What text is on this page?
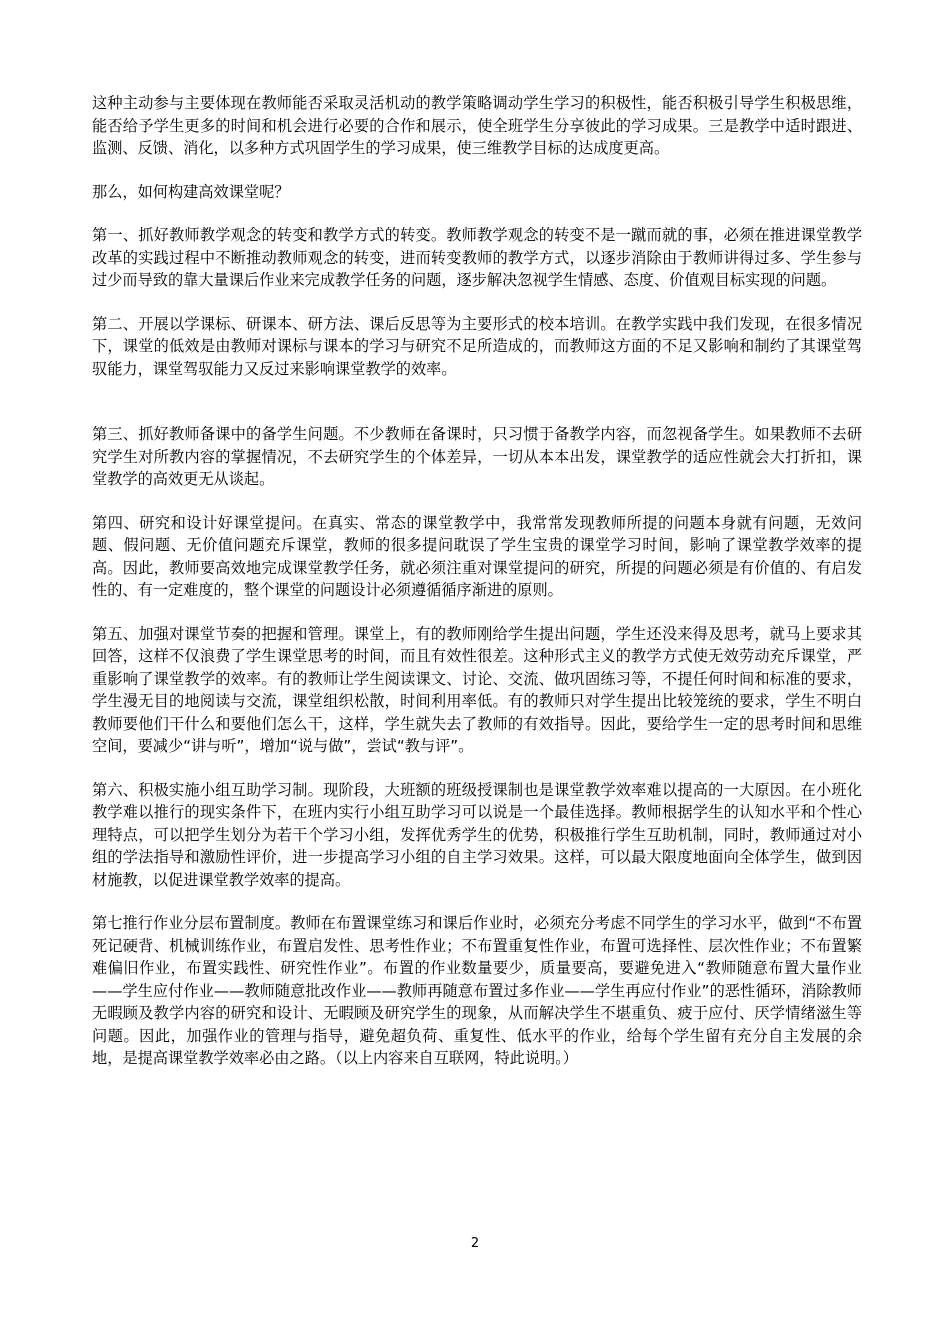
这种主动参与主要体现在教师能否采取灵活机动的教学策略调动学生学习的积极性，能否积极引导学生积极思维，能否给予学生更多的时间和机会进行必要的合作和展示，使全班学生分享彼此的学习成果。三是教学中适时跟进、监测、反馈、消化，以多种方式巩固学生的学习成果，使三维教学目标的达成度更高。

那么，如何构建高效课堂呢？

第一、抓好教师教学观念的转变和教学方式的转变。教师教学观念的转变不是一蹴而就的事，必须在推进课堂教学改革的实践过程中不断推动教师观念的转变，进而转变教师的教学方式，以逐步消除由于教师讲得过多、学生参与过少而导致的靠大量课后作业来完成教学任务的问题，逐步解决忽视学生情感、态度、价值观目标实现的问题。

第二、开展以学课标、研课本、研方法、课后反思等为主要形式的校本培训。在教学实践中我们发现，在很多情况下，课堂的低效是由教师对课标与课本的学习与研究不足所造成的，而教师这方面的不足又影响和制约了其课堂驾驭能力，课堂驾驭能力又反过来影响课堂教学的效率。

第三、抓好教师备课中的备学生问题。不少教师在备课时，只习惯于备教学内容，而忽视备学生。如果教师不去研究学生对所教内容的掌握情况，不去研究学生的个体差异，一切从本本出发，课堂教学的适应性就会大打折扣，课堂教学的高效更无从谈起。

第四、研究和设计好课堂提问。在真实、常态的课堂教学中，我常常发现教师所提的问题本身就有问题，无效问题、假问题、无价值问题充斥课堂，教师的很多提问耽误了学生宝贵的课堂学习时间，影响了课堂教学效率的提高。因此，教师要高效地完成课堂教学任务，就必须注重对课堂提问的研究，所提的问题必须是有价值的、有启发性的、有一定难度的，整个课堂的问题设计必须遵循循序渐进的原则。

第五、加强对课堂节奏的把握和管理。课堂上，有的教师刚给学生提出问题，学生还没来得及思考，就马上要求其回答，这样不仅浪费了学生课堂思考的时间，而且有效性很差。这种形式主义的教学方式使无效劳动充斥课堂，严重影响了课堂教学的效率。有的教师让学生阅读课文、讨论、交流、做巩固练习等，不提任何时间和标准的要求，学生漫无目的地阅读与交流，课堂组织松散，时间利用率低。有的教师只对学生提出比较笼统的要求，学生不明白教师要他们干什么和要他们怎么干，这样，学生就失去了教师的有效指导。因此，要给学生一定的思考时间和思维空间，要减少“讲与听”，增加“说与做”，尝试“教与评”。

第六、积极实施小组互助学习制。现阶段，大班额的班级授课制也是课堂教学效率难以提高的一大原因。在小班化教学难以推行的现实条件下，在班内实行小组互助学习可以说是一个最佳选择。教师根据学生的认知水平和个性心理特点，可以把学生划分为若干个学习小组，发挥优秀学生的优势，积极推行学生互助机制，同时，教师通过对小组的学法指导和激励性评价，进一步提高学习小组的自主学习效果。这样，可以最大限度地面向全体学生，做到因材施教，以促进课堂教学效率的提高。

第七推行作业分层布置制度。教师在布置课堂练习和课后作业时，必须充分考虑不同学生的学习水平，做到“不布置死记硬背、机械训练作业，布置启发性、思考性作业；不布置重复性作业，布置可选择性、层次性作业；不布置繁难偏旧作业，布置实践性、研究性作业”。布置的作业数量要少，质量要高，要避免进入“教师随意布置大量作业——学生应付作业——教师随意批改作业——教师再随意布置过多作业——学生再应付作业”的恶性循环，消除教师无暇顾及教学内容的研究和设计、无暇顾及研究学生的现象，从而解决学生不堪重负、疲于应付、厌学情绪滋生等问题。因此，加强作业的管理与指导，避免超负荷、重复性、低水平的作业，给每个学生留有充分自主发展的余地，是提高课堂教学效率必由之路。（以上内容来自互联网，特此说明。）

2
